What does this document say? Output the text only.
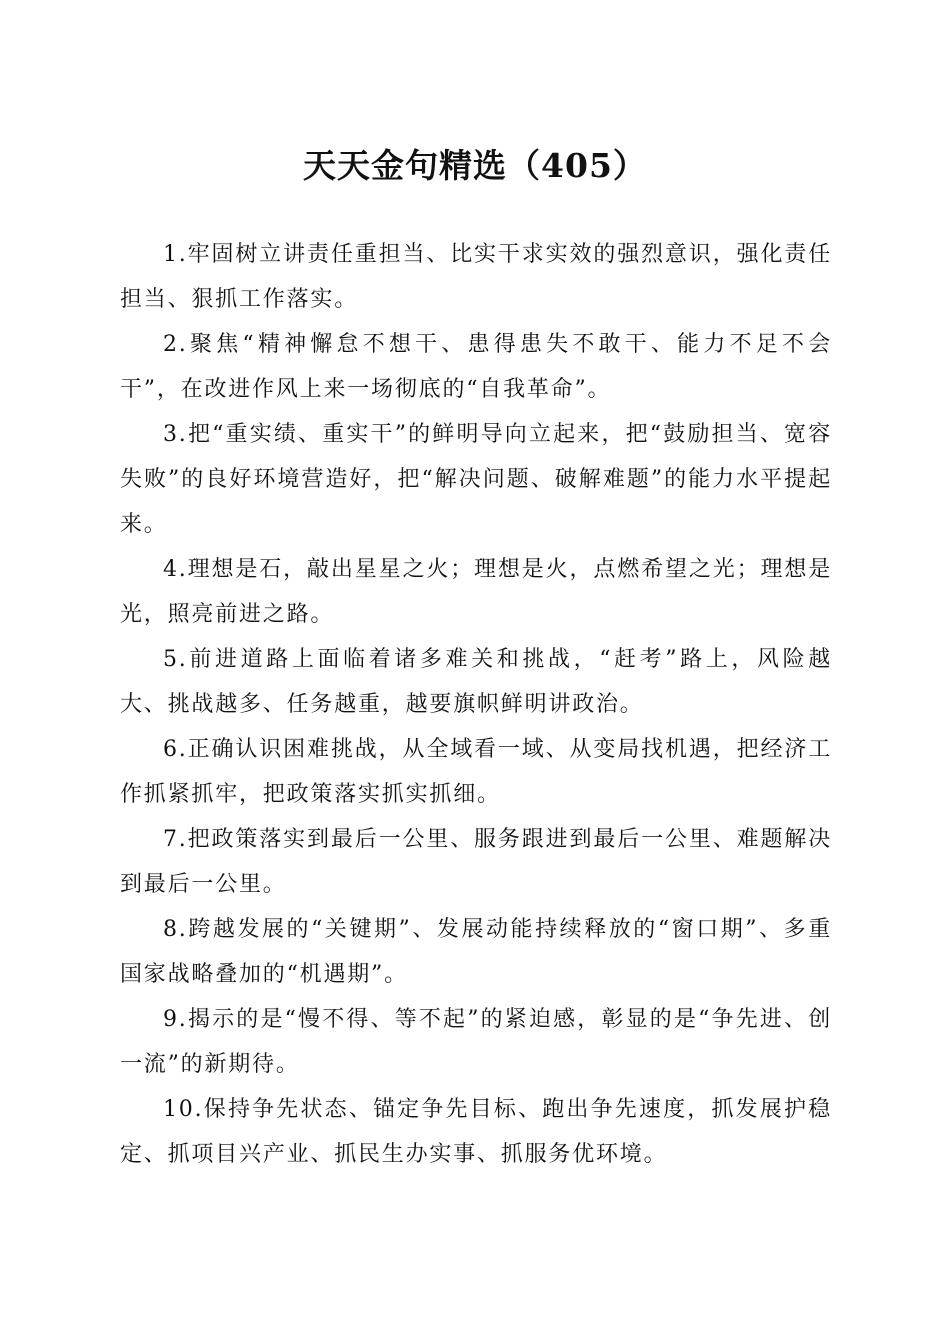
天天金句精选（405）

1.牢固树立讲责任重担当、比实干求实效的强烈意识，强化责任担当、狠抓工作落实。

2.聚焦“精神懈怠不想干、患得患失不敢干、能力不足不会干”，在改进作风上来一场彻底的“自我革命”。

3.把“重实绩、重实干”的鲜明导向立起来，把“鼓励担当、宽容失败”的良好环境营造好，把“解决问题、破解难题”的能力水平提起来。

4.理想是石，敲出星星之火；理想是火，点燃希望之光；理想是光，照亮前进之路。

5.前进道路上面临着诸多难关和挑战，“赶考”路上，风险越大、挑战越多、任务越重，越要旗帜鲜明讲政治。

6.正确认识困难挑战，从全域看一域、从变局找机遇，把经济工作抓紧抓牢，把政策落实抓实抓细。

7.把政策落实到最后一公里、服务跟进到最后一公里、难题解决到最后一公里。

8.跨越发展的“关键期”、发展动能持续释放的“窗口期”、多重国家战略叠加的“机遇期”。

9.揭示的是“慢不得、等不起”的紧迫感，彰显的是“争先进、创一流”的新期待。

10.保持争先状态、锚定争先目标、跑出争先速度，抓发展护稳定、抓项目兴产业、抓民生办实事、抓服务优环境。
